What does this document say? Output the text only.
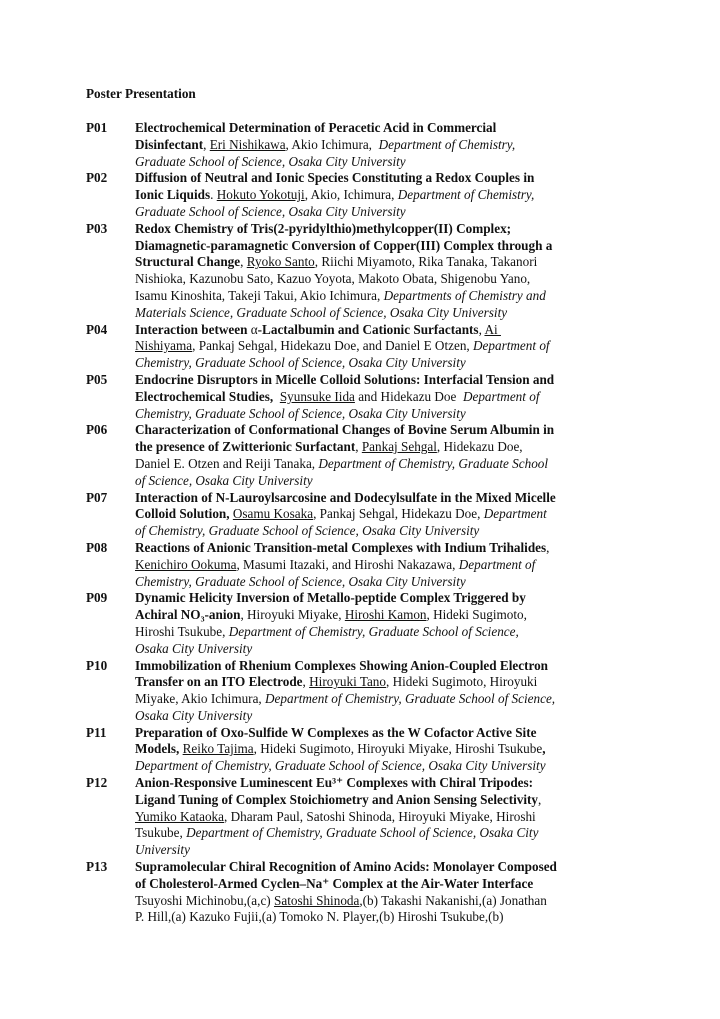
Poster Presentation
P01 Electrochemical Determination of Peracetic Acid in Commercial
Disinfectant, Eri Nishikawa, Akio Ichimura,  Department of Chemistry,
Graduate School of Science, Osaka City University
P02 Diffusion of Neutral and Ionic Species Constituting a Redox Couples in
Ionic Liquids. Hokuto Yokotuji, Akio, Ichimura, Department of Chemistry,
Graduate School of Science, Osaka City University
P03 Redox Chemistry of Tris(2-pyridylthio)methylcopper(II) Complex;
Diamagnetic-paramagnetic Conversion of Copper(III) Complex through a
Structural Change, Ryoko Santo, Riichi Miyamoto, Rika Tanaka, Takanori
Nishioka, Kazunobu Sato, Kazuo Yoyota, Makoto Obata, Shigenobu Yano,
Isamu Kinoshita, Takeji Takui, Akio Ichimura, Departments of Chemistry and
Materials Science, Graduate School of Science, Osaka City University
P04 Interaction between α-Lactalbumin and Cationic Surfactants, Ai
Nishiyama, Pankaj Sehgal, Hidekazu Doe, and Daniel E Otzen, Department of
Chemistry, Graduate School of Science, Osaka City University
P05 Endocrine Disruptors in Micelle Colloid Solutions: Interfacial Tension and
Electrochemical Studies, Syunsuke Iida and Hidekazu Doe  Department of
Chemistry, Graduate School of Science, Osaka City University
P06 Characterization of Conformational Changes of Bovine Serum Albumin in
the presence of Zwitterionic Surfactant, Pankaj Sehgal, Hidekazu Doe,
Daniel E. Otzen and Reiji Tanaka, Department of Chemistry, Graduate School
of Science, Osaka City University
P07 Interaction of N-Lauroylsarcosine and Dodecylsulfate in the Mixed Micelle
Colloid Solution, Osamu Kosaka, Pankaj Sehgal, Hidekazu Doe, Department
of Chemistry, Graduate School of Science, Osaka City University
P08 Reactions of Anionic Transition-metal Complexes with Indium Trihalides,
Kenichiro Ookuma, Masumi Itazaki, and Hiroshi Nakazawa, Department of
Chemistry, Graduate School of Science, Osaka City University
P09 Dynamic Helicity Inversion of Metallo-peptide Complex Triggered by
Achiral NO₃-anion, Hiroyuki Miyake, Hiroshi Kamon, Hideki Sugimoto,
Hiroshi Tsukube, Department of Chemistry, Graduate School of Science,
Osaka City University
P10 Immobilization of Rhenium Complexes Showing Anion-Coupled Electron
Transfer on an ITO Electrode, Hiroyuki Tano, Hideki Sugimoto, Hiroyuki
Miyake, Akio Ichimura, Department of Chemistry, Graduate School of Science,
Osaka City University
P11 Preparation of Oxo-Sulfide W Complexes as the W Cofactor Active Site
Models, Reiko Tajima, Hideki Sugimoto, Hiroyuki Miyake, Hiroshi Tsukube,
Department of Chemistry, Graduate School of Science, Osaka City University
P12 Anion-Responsive Luminescent Eu³⁺ Complexes with Chiral Tripodes:
Ligand Tuning of Complex Stoichiometry and Anion Sensing Selectivity,
Yumiko Kataoka, Dharam Paul, Satoshi Shinoda, Hiroyuki Miyake, Hiroshi
Tsukube, Department of Chemistry, Graduate School of Science, Osaka City
University
P13 Supramolecular Chiral Recognition of Amino Acids: Monolayer Composed
of Cholesterol-Armed Cyclen–Na⁺ Complex at the Air-Water Interface
Tsuyoshi Michinobu,(a,c) Satoshi Shinoda,(b) Takashi Nakanishi,(a) Jonathan
P. Hill,(a) Kazuko Fujii,(a) Tomoko N. Player,(b) Hiroshi Tsukube,(b)
